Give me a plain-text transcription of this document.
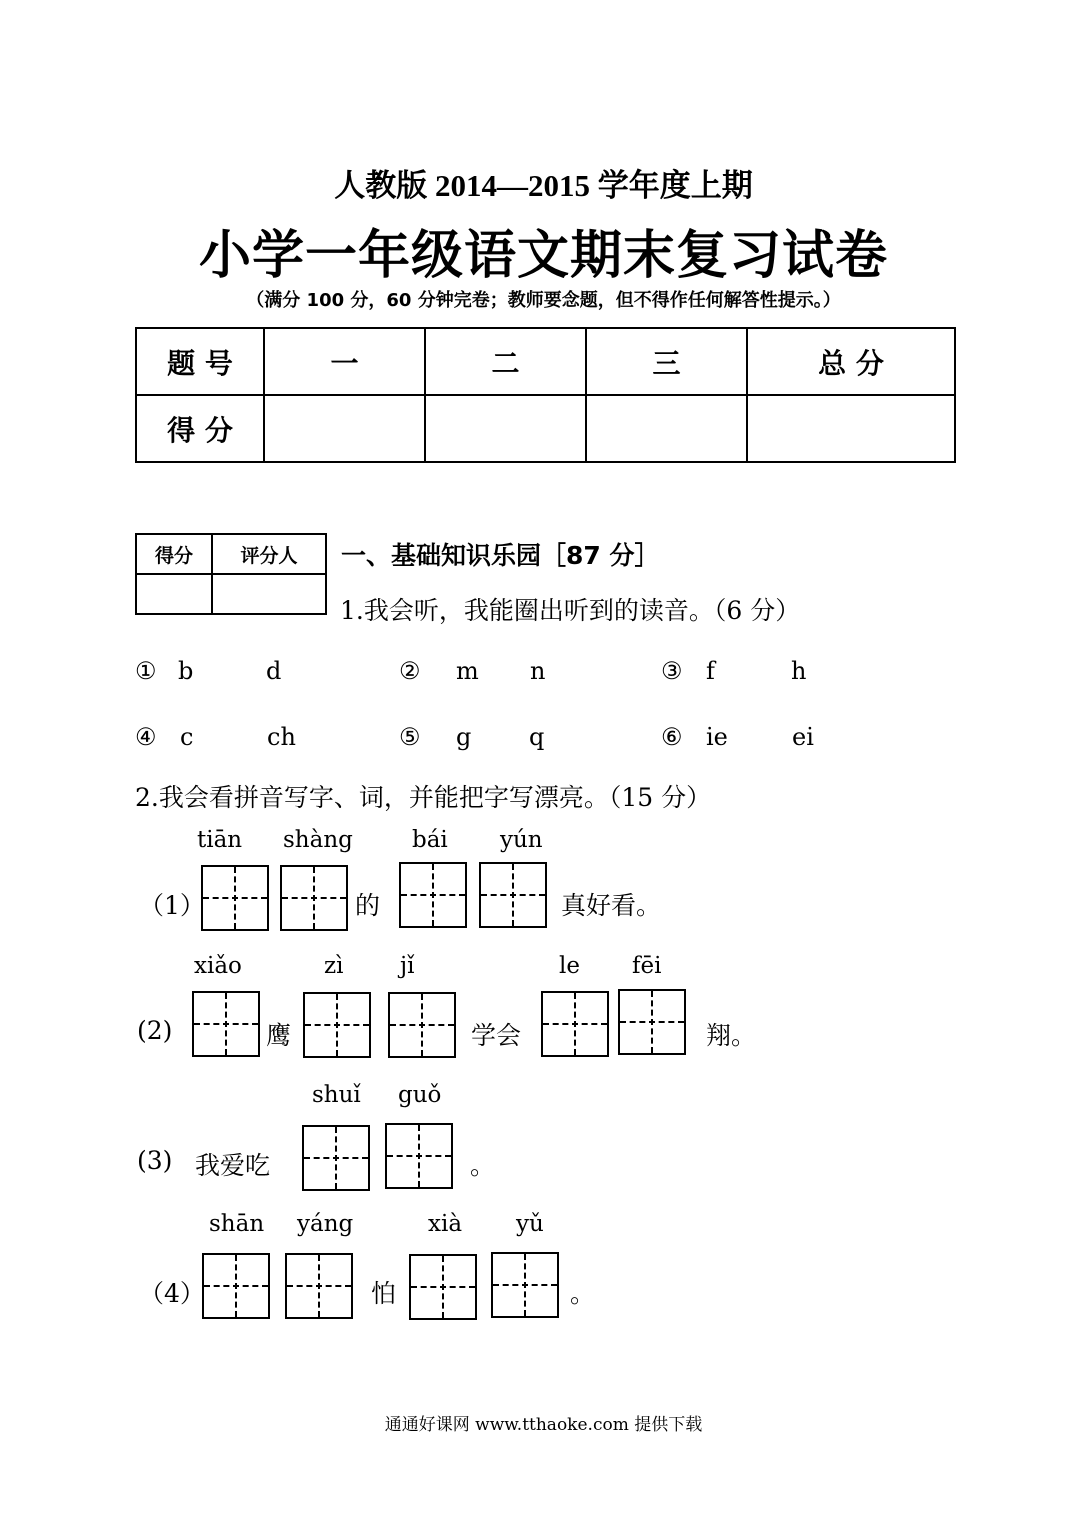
人教版 2014—2015 学年度上期
小学一年级语文期末复习试卷
（满分 100 分，60 分钟完卷；教师要念题，但不得作任何解答性提示。）
题 号	一	二	三	总 分
得 分				
得分	评分人
	一、基础知识乐园［87 分］
1.我会听，我能圈出听到的读音。（6 分）
① b	d	② m n	③ f	h
④ c	ch	⑤ g q	⑥ ie	ei
2.我会看拼音写字、词，并能把字写漂亮。（15 分）
tiān shàng	bái yún
（1）	的	真好看。
xiǎo	zì jǐ	le fēi
(2)	鹰	学会	翔。
shuǐ guǒ
(3) 我爱吃	。
shān yáng	xià yǔ
（4）	怕	。
通通好课网 www.tthaoke.com 提供下载
